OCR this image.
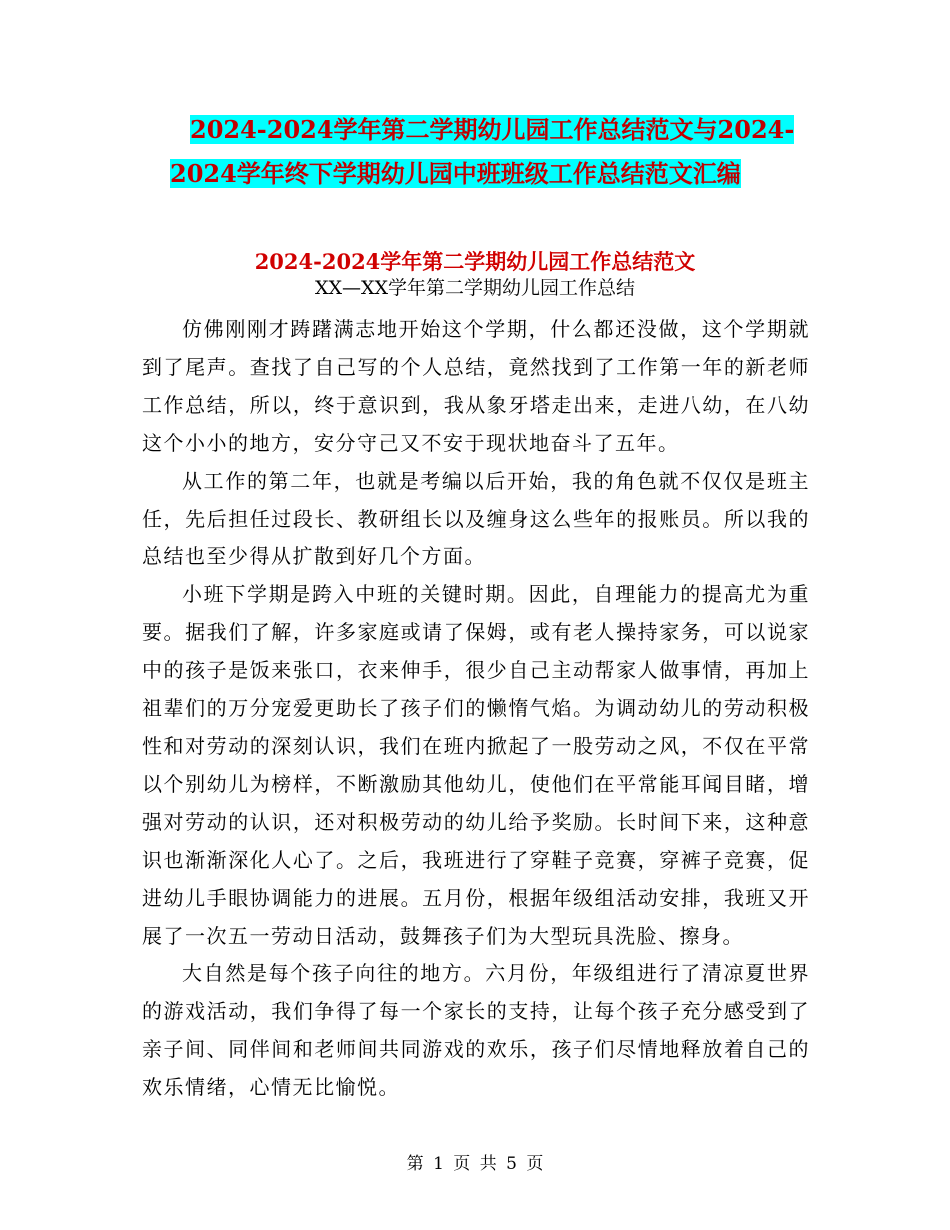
2024-2024学年第二学期幼儿园工作总结范文与2024-2024学年终下学期幼儿园中班班级工作总结范文汇编
2024-2024学年第二学期幼儿园工作总结范文
XX—XX学年第二学期幼儿园工作总结

仿佛刚刚才踌躇满志地开始这个学期，什么都还没做，这个学期就到了尾声。查找了自己写的个人总结，竟然找到了工作第一年的新老师工作总结，所以，终于意识到，我从象牙塔走出来，走进八幼，在八幼这个小小的地方，安分守己又不安于现状地奋斗了五年。

从工作的第二年，也就是考编以后开始，我的角色就不仅仅是班主任，先后担任过段长、教研组长以及缠身这么些年的报账员。所以我的总结也至少得从扩散到好几个方面。

小班下学期是跨入中班的关键时期。因此，自理能力的提高尤为重要。据我们了解，许多家庭或请了保姆，或有老人操持家务，可以说家中的孩子是饭来张口，衣来伸手，很少自己主动帮家人做事情，再加上祖辈们的万分宠爱更助长了孩子们的懒惰气焰。为调动幼儿的劳动积极性和对劳动的深刻认识，我们在班内掀起了一股劳动之风，不仅在平常以个别幼儿为榜样，不断激励其他幼儿，使他们在平常能耳闻目睹，增强对劳动的认识，还对积极劳动的幼儿给予奖励。长时间下来，这种意识也渐渐深化人心了。之后，我班进行了穿鞋子竞赛，穿裤子竞赛，促进幼儿手眼协调能力的进展。五月份，根据年级组活动安排，我班又开展了一次五一劳动日活动，鼓舞孩子们为大型玩具洗脸、擦身。

大自然是每个孩子向往的地方。六月份，年级组进行了清凉夏世界的游戏活动，我们争得了每一个家长的支持，让每个孩子充分感受到了亲子间、同伴间和老师间共同游戏的欢乐，孩子们尽情地释放着自己的欢乐情绪，心情无比愉悦。

第 1 页 共 5 页
